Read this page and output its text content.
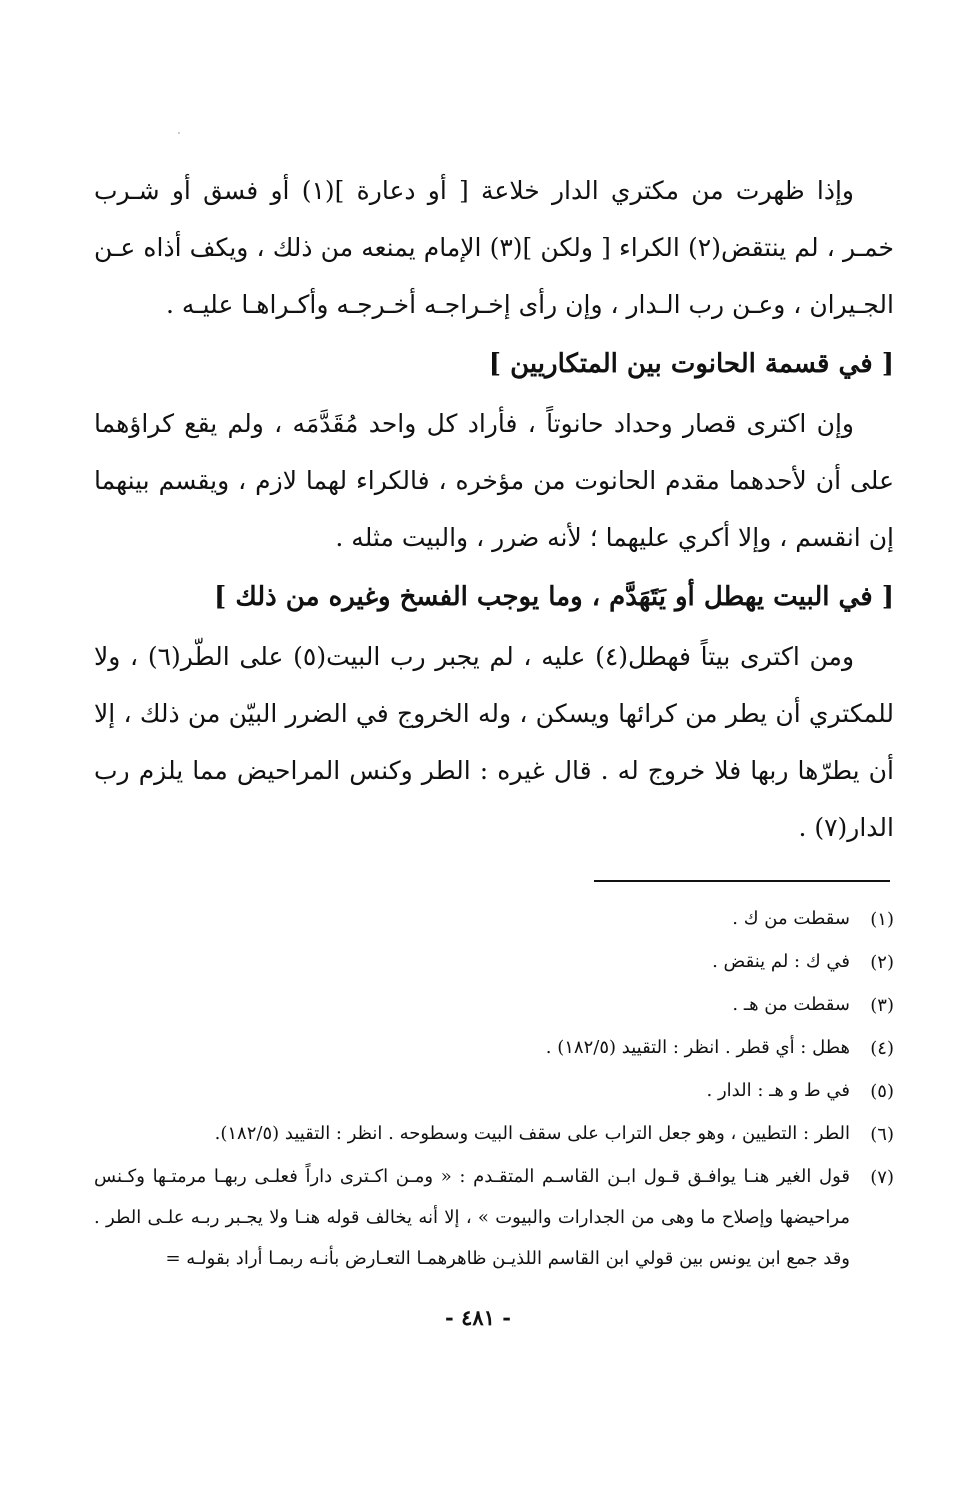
وإذا ظهرت من مكتري الدار خلاعة [ أو دعارة ](١) أو فسق أو شـرب خمـر ، لم ينتقض(٢) الكراء [ ولكن ](٣) الإمام يمنعه من ذلك ، ويكف أذاه عـن الجـيران ، وعـن رب الـدار ، وإن رأى إخـراجـه أخـرجـه وأكـراهـا عليـه .

[ في قسمة الحانوت بين المتكاريين ]

وإن اكترى قصار وحداد حانوتاً ، فأراد كل واحد مُقَدَّمَه ، ولم يقع كراؤهما على أن لأحدهما مقدم الحانوت من مؤخره ، فالكراء لهما لازم ، ويقسم بينهما إن انقسم ، وإلا أكري عليهما ؛ لأنه ضرر ، والبيت مثله .

[ في البيت يهطل أو يَتَهَدَّم ، وما يوجب الفسخ وغيره من ذلك ]

ومن اكترى بيتاً فهطل(٤) عليه ، لم يجبر رب البيت(٥) على الطّر(٦) ، ولا للمكتري أن يطر من كرائها ويسكن ، وله الخروج في الضرر البيّن من ذلك ، إلا أن يطرّها ربها فلا خروج له . قال غيره : الطر وكنس المراحيض مما يلزم رب الدار(٧) .

(١)
سقطت من ك .
(٢)
في ك : لم ينقض .
(٣)
سقطت من هـ .
(٤)
هطل : أي قطر . انظر : التقييد (١٨٢/٥) .
(٥)
في ط و هـ : الدار .
(٦)
الطر : التطيين ، وهو جعل التراب على سقف البيت وسطوحه . انظر : التقييد (١٨٢/٥).
(٧)
قول الغير هنـا يوافـق قـول ابـن القاسـم المتقـدم : « ومـن اكـترى داراً فعلـى ربهـا مرمتـها وكـنس مراحيضها وإصلاح ما وهى من الجدارات والبيوت » ، إلا أنه يخالف قوله هنـا ولا يجـبر ربـه علـى الطر . وقد جمع ابن يونس بين قولي ابن القاسم اللذيـن ظاهرهمـا التعـارض بأنـه ربمـا أراد بقولـه =
- ٤٨١ -
